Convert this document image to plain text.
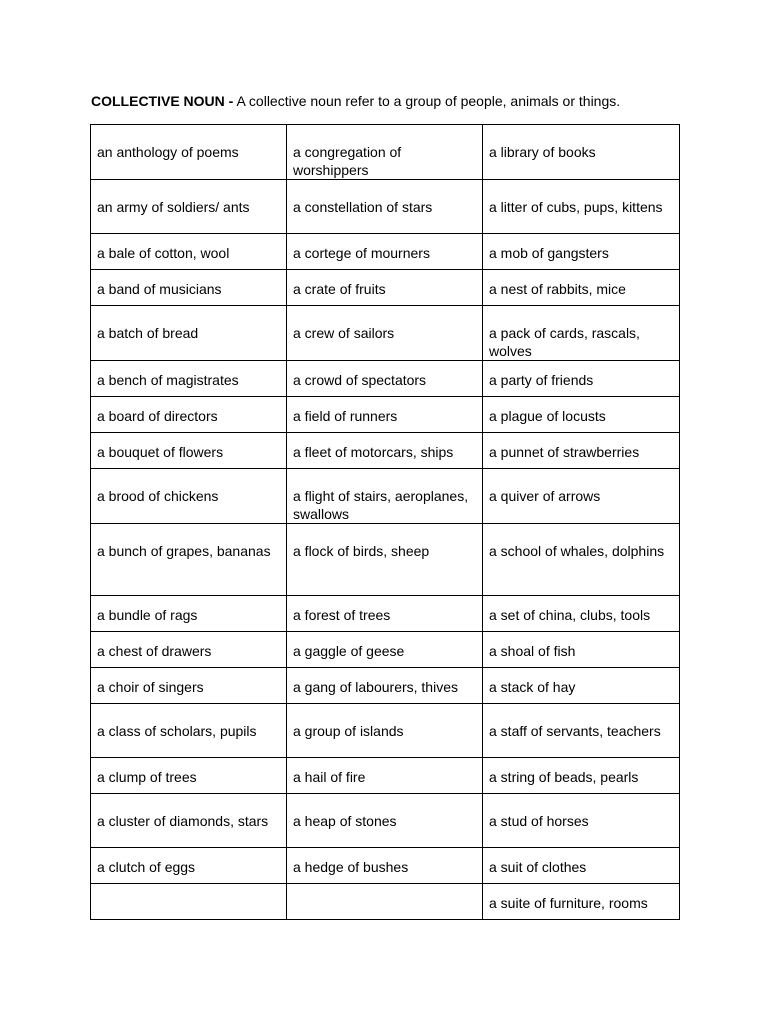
COLLECTIVE NOUN - A collective noun refer to a group of people, animals or things.
an anthology of poems	a congregation of worshippers	a library of books
an army of soldiers/ ants	a constellation of stars	a litter of cubs, pups, kittens
a bale of cotton, wool	a cortege of mourners	a mob of gangsters
a band of musicians	a crate of fruits	a nest of rabbits, mice
a batch of bread	a crew of sailors	a pack of cards, rascals, wolves
a bench of magistrates	a crowd of spectators	a party of friends
a board of directors	a field of runners	a plague of locusts
a bouquet of flowers	a fleet of motorcars, ships	a punnet of strawberries
a brood of chickens	a flight of stairs, aeroplanes, swallows	a quiver of arrows
a bunch of grapes, bananas	a flock of birds, sheep	a school of whales, dolphins
a bundle of rags	a forest of trees	a set of china, clubs, tools
a chest of drawers	a gaggle of geese	a shoal of fish
a choir of singers	a gang of labourers, thives	a stack of hay
a class of scholars, pupils	a group of islands	a staff of servants, teachers
a clump of trees	a hail of fire	a string of beads, pearls
a cluster of diamonds, stars	a heap of stones	a stud of horses
a clutch of eggs	a hedge of bushes	a suit of clothes
		a suite of furniture, rooms
